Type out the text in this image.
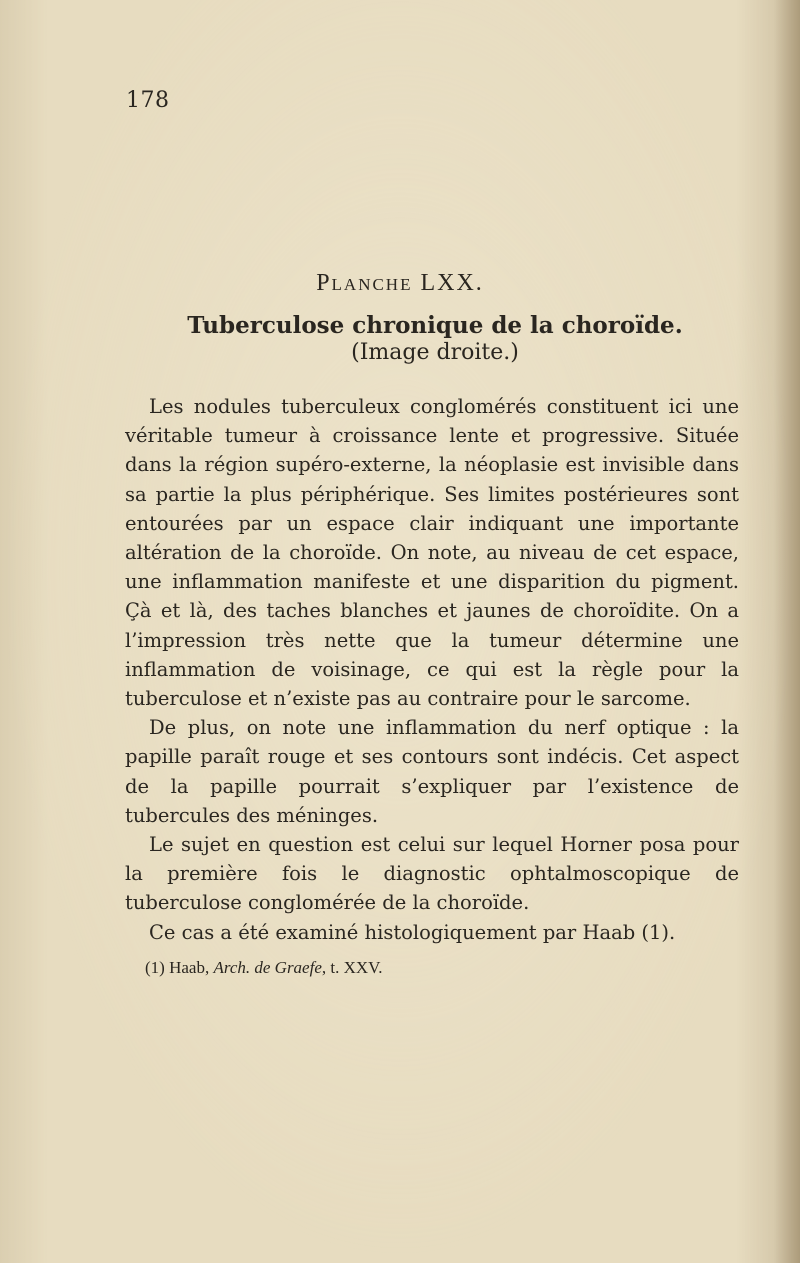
178
Planche LXX.
Tuberculose chronique de la choroïde.
(Image droite.)

Les nodules tuberculeux conglomérés constituent ici une véritable tumeur à croissance lente et progressive. Située dans la région supéro-externe, la néoplasie est invisible dans sa partie la plus périphérique. Ses limites postérieures sont entourées par un espace clair indiquant une importante altération de la choroïde. On note, au niveau de cet espace, une inflammation manifeste et une disparition du pigment. Çà et là, des taches blanches et jaunes de choroïdite. On a l’impression très nette que la tumeur détermine une inflammation de voisinage, ce qui est la règle pour la tuberculose et n’existe pas au contraire pour le sarcome.

De plus, on note une inflammation du nerf optique : la papille paraît rouge et ses contours sont indécis. Cet aspect de la papille pourrait s’expliquer par l’existence de tubercules des méninges.

Le sujet en question est celui sur lequel Horner posa pour la première fois le diagnostic ophtalmoscopique de tuberculose conglomérée de la choroïde.

Ce cas a été examiné histologiquement par Haab (1).

(1) Haab, Arch. de Graefe, t. XXV.
